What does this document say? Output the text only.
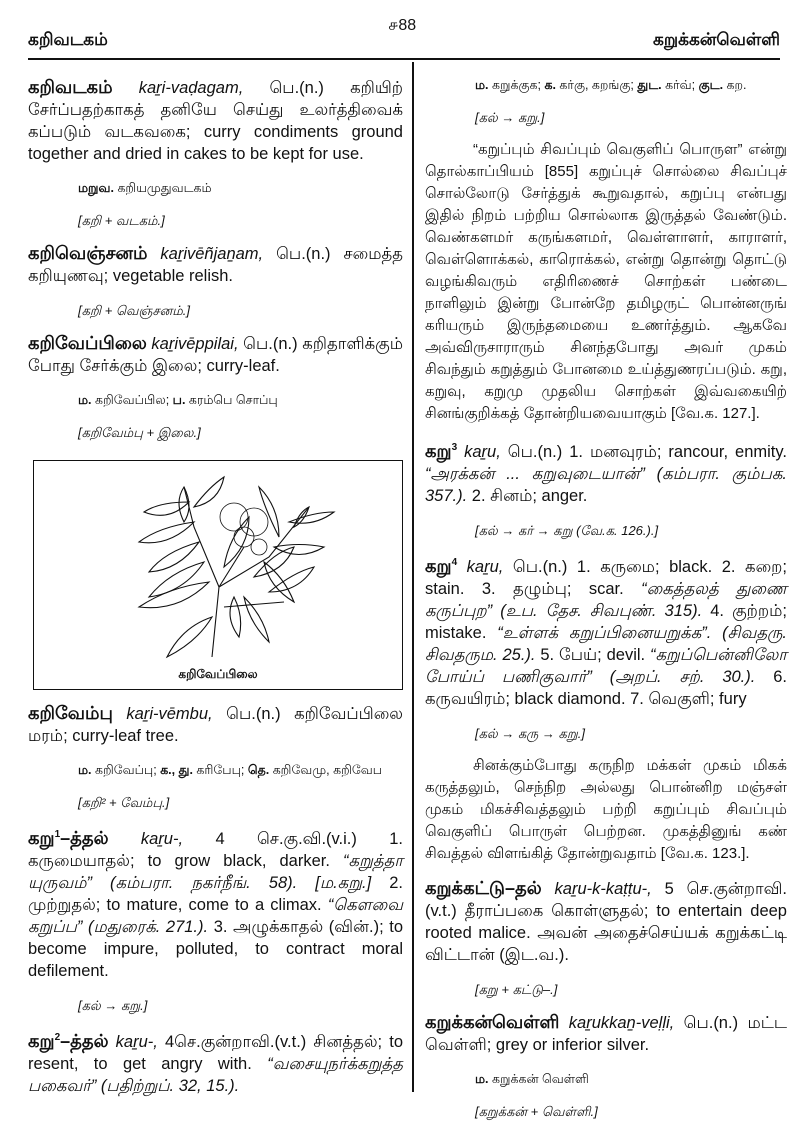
கறிவடகம்
௪88
கறுக்கன்வெள்ளி

கறிவடகம் kaṟi-vaḍagam, பெ.(n.) கறியிற் சேர்ப்பதற்காகத் தனியே செய்து உலர்த்திவைக் கப்படும் வடகவகை; curry condiments ground together and dried in cakes to be kept for use.

மறுவ. கறியமுதுவடகம்
[கறி + வடகம்.]

கறிவெஞ்சனம் kaṟivēñjaṉam, பெ.(n.) சமைத்த கறியுணவு; vegetable relish.

[கறி + வெஞ்சனம்.]

கறிவேப்பிலை kaṟivēppilai, பெ.(n.) கறிதாளிக்கும் போது சேர்க்கும் இலை; curry-leaf.

ம. கறிவேப்பில; ப. கரம்பெ சொப்பு
[கறிவேம்பு + இலை.]
கறிவேப்பிலை

கறிவேம்பு kaṟi-vēmbu, பெ.(n.) கறிவேப்பிலை மரம்; curry-leaf tree.

ம. கறிவேப்பு; க., து. கரிபேபு; தெ. கறிவேமு, கறிவேப
[கறி² + வேம்பு.]

கறு$^1$–த்தல் kaṟu-, 4 செ.கு.வி.(v.i.) 1. கருமையாதல்; to grow black, darker. “கறுத்தா யுருவம்” (கம்பரா. நகர்நீங். 58). [ம.கறு.] 2. முற்றுதல்; to mature, come to a climax. “கௌவை கறுப்ப” (மதுரைக். 271.). 3. அழுக்காதல் (வின்.); to become impure, polluted, to contract moral defilement.

[கல் → கறு.]

கறு$^2$–த்தல் kaṟu-, 4செ.குன்றாவி.(v.t.) சினத்தல்; to resent, to get angry with. “வசையுநர்க்கறுத்த பகைவர்” (பதிற்றுப். 32, 15.).

ம. கறுக்குக; க. கர்கு, கறங்கு; துட. கர்வ்; குட. கற.
[கல் → கறு.]

“கறுப்பும் சிவப்பும் வெகுளிப் பொருள” என்று தொல்காப்பியம் [855] கறுப்புச் சொல்லை சிவப்புச் சொல்லோடு சேர்த்துக் கூறுவதால், கறுப்பு என்பது இதில் நிறம் பற்றிய சொல்லாக இருத்தல் வேண்டும். வெண்களமர் கருங்களமர், வெள்ளாளர், காராளர், வெள்ளொக்கல், காரொக்கல், என்று தொன்று தொட்டு வழங்கிவரும் எதிரிணைச் சொற்கள் பண்டை நாளிலும் இன்று போன்றே தமிழருட் பொன்னருங் கரியரும் இருந்தமையை உணர்த்தும். ஆகவே அவ்விருசாராரும் சினந்தபோது அவர் முகம் சிவந்தும் கறுத்தும் போனமை உய்த்துணரப்படும். கறு, கறுவு, கறுமு முதலிய சொற்கள் இவ்வகையிற் சினங்குறிக்கத் தோன்றியவையாகும் [வே.க. 127.].

கறு$^3$ kaṟu, பெ.(n.) 1. மனவுரம்; rancour, enmity. “அரக்கன் ... கறுவுடையான்” (கம்பரா. கும்பக. 357.). 2. சினம்; anger.

[கல் → கர் → கறு (வே.க. 126.).]

கறு$^4$ kaṟu, பெ.(n.) 1. கருமை; black. 2. கறை; stain. 3. தழும்பு; scar. “கைத்தலத் துணை கருப்புற” (உப. தேச. சிவபுண். 315). 4. குற்றம்; mistake. “உள்ளக் கறுப்பினையறுக்க”. (சிவதரு. சிவதரும. 25.). 5. பேய்; devil. “கறுப்பென்னிலோ போய்ப் பணிகுவார்” (அறப். சற். 30.). 6. கருவயிரம்; black diamond. 7. வெகுளி; fury

[கல் → கரு → கறு.]

சினக்கும்போது கருநிற மக்கள் முகம் மிகக் கருத்தலும், செந்நிற அல்லது பொன்னிற மஞ்சள் முகம் மிகச்சிவத்தலும் பற்றி கறுப்பும் சிவப்பும் வெகுளிப் பொருள் பெற்றன. முகத்தினுங் கண் சிவத்தல் விளங்கித் தோன்றுவதாம் [வே.க. 123.].

கறுக்கட்டு–தல் kaṟu-k-kaṭṭu-, 5 செ.குன்றாவி.(v.t.) தீராப்பகை கொள்ளுதல்; to entertain deep rooted malice. அவன் அதைச்செய்யக் கறுக்கட்டி விட்டான் (இட.வ.).

[கறு + கட்டு–.]

கறுக்கன்வெள்ளி kaṟukkaṉ-veḷḷi, பெ.(n.) மட்ட வெள்ளி; grey or inferior silver.

ம. கறுக்கன் வெள்ளி
[கறுக்கன் + வெள்ளி.]
